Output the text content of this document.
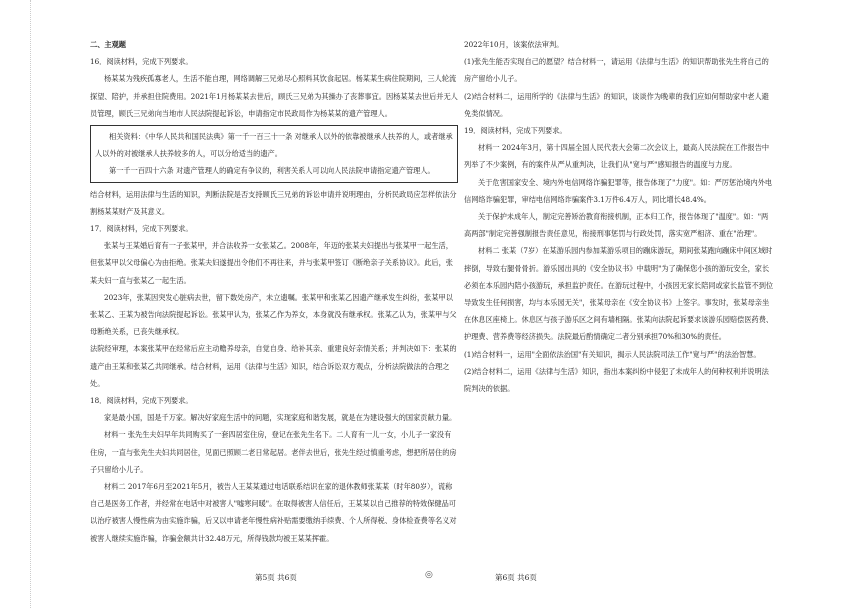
二、主观题

16．阅读材料，完成下列要求。

杨某某为残疾孤寡老人，生活不能自理，网络调解三兄弟尽心照料其饮食起居。杨某某生病住院期间，三人轮流探望、陪护，并承担住院费用。2021年1月杨某某去世后，顾氏三兄弟为其操办了丧葬事宜。因杨某某去世后并无人员管理，顾氏三兄弟向当地市人民法院提起诉讼，申请指定市民政局作为杨某某的遗产管理人。

相关资料：《中华人民共和国民法典》第一千一百三十一条 对继承人以外的依靠被继承人扶养的人，或者继承人以外的对被继承人扶养较多的人，可以分给适当的遗产。

第一千一百四十六条 对遗产管理人的确定有争议的，利害关系人可以向人民法院申请指定遗产管理人。

结合材料，运用法律与生活的知识，判断法院是否支持顾氏三兄弟的诉讼申请并说明理由，分析民政局应怎样依法分割杨某某财产及其意义。

17．阅读材料，完成下列要求。

张某与王某婚后育有一子张某甲，并合法收养一女张某乙。2008年，年迈的张某夫妇提出与张某甲一起生活，但张某甲以父母偏心为由拒绝。张某夫妇遂提出令他们不再往来，并与张某甲签订《断绝亲子关系协议》。此后，张某夫妇一直与张某乙一起生活。

2023年，张某因突发心脏病去世，留下数处房产，未立遗嘱。张某甲和张某乙因遗产继承发生纠纷，张某甲以张某乙、王某为被告向法院提起诉讼。张某甲认为，张某乙作为养女，本身就没有继承权。张某乙认为，张某甲与父母断绝关系，已丧失继承权。

法院经审理，本案张某甲在经常后应主动赡养母亲，自觉自身、给补其亲、重建良好亲情关系；并判决如下：张某的遗产由王某和张某乙共同继承。结合材料，运用《法律与生活》知识，结合诉讼双方观点，分析法院做法的合理之处。

18．阅读材料，完成下列要求。

家是最小国，国是千万家。解决好家庭生活中的问题，实现家庭和谐发展，就是在为建设强大的国家贡献力量。

材料一 张先生夫妇早年共同购买了一套四居室住房，登记在张先生名下。二人育有一儿一女，小儿子一家没有住房，一直与张先生夫妇共同居住，见面已照顾二老日常起居。老伴去世后，张先生经过慎重考虑，想把所居住的房子只留给小儿子。

材料二 2017年6月至2021年5月，被告人王某某通过电话联系结识在家的退休教师张某某（时年80岁），谎称自己是医务工作者，并经常在电话中对被害人"嘘寒问暖"。在取得被害人信任后，王某某以自己推荐的特效保健品可以治疗被害人慢性病为由实施诈骗，后又以申请老年慢性病补贴需要缴纳手续费、个人所得税、身体检查费等名义对被害人继续实施诈骗，诈骗金额共计32.48万元，所得钱款均被王某某挥霍。

2022年10月，该案依法审判。

(1)张先生能否实现自己的愿望？结合材料一，请运用《法律与生活》的知识帮助张先生将自己的房产留给小儿子。

(2)结合材料二，运用所学的《法律与生活》的知识，谈谈作为晚辈的我们应如何帮助家中老人避免类似情况。

19．阅读材料，完成下列要求。

材料一 2024年3月，第十四届全国人民代表大会第二次会议上，最高人民法院在工作报告中列举了不少案例，有的案件从严从重判决，让我们从"宽与严"感知报告的温度与力度。

关于危害国家安全、境内外电信网络诈骗犯罪等，报告体现了"力度"。如：严厉惩治境内外电信网络诈骗犯罪，审结电信网络诈骗案件3.1万件6.4万人，同比增长48.4%。

关于保护未成年人，制定完善矫治教育衔接机制，正本归工作，报告体现了"温度"。如："两高两部"制定完善强制报告责任意见，衔接刑事惩罚与行政处罚，落实宽严相济、重在"治理"。

材料二 张某（7岁）在某游乐园内参加某游乐项目的蹦床游玩，期间张某跑向蹦床中间区域时摔倒，导致右腿骨骨折。游乐园出具的《安全协议书》中载明"为了确保您小孩的游玩安全，家长必须在本乐园内陪小孩游玩，承担监护责任。在游玩过程中，小孩因无家长陪同或家长监管不到位导致发生任何损害，均与本乐园无关"，张某母亲在《安全协议书》上签字。事发时，张某母亲坐在休息区座椅上。休息区与孩子游乐区之间有墙相隔。张某向法院起诉要求该游乐园赔偿医药费、护理费、营养费等经济损失。法院最后酌情确定二者分别承担70%和30%的责任。

(1)结合材料一，运用"全面依法治国"有关知识，揭示人民法院司法工作"宽与严"的法治智慧。

(2)结合材料二，运用《法律与生活》知识，指出本案纠纷中侵犯了未成年人的何种权利并说明法院判决的依据。

第5页 共6页	◎	第6页 共6页
